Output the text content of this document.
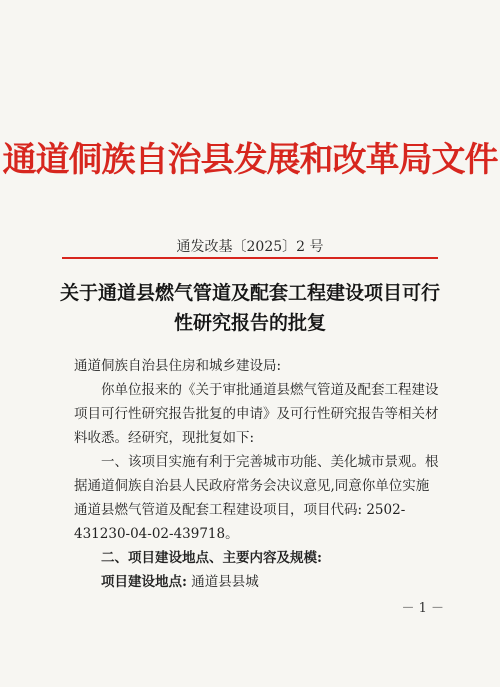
通道侗族自治县发展和改革局文件
通发改基〔2025〕2 号
关于通道县燃气管道及配套工程建设项目可行
性研究报告的批复

通道侗族自治县住房和城乡建设局:

你单位报来的《关于审批通道县燃气管道及配套工程建设项目可行性研究报告批复的申请》及可行性研究报告等相关材料收悉。经研究，现批复如下:

一、该项目实施有利于完善城市功能、美化城市景观。根据通道侗族自治县人民政府常务会决议意见,同意你单位实施通道县燃气管道及配套工程建设项目，项目代码: 2502-431230-04-02-439718。

二、项目建设地点、主要内容及规模:

项目建设地点: 通道县县城

－ 1 －
